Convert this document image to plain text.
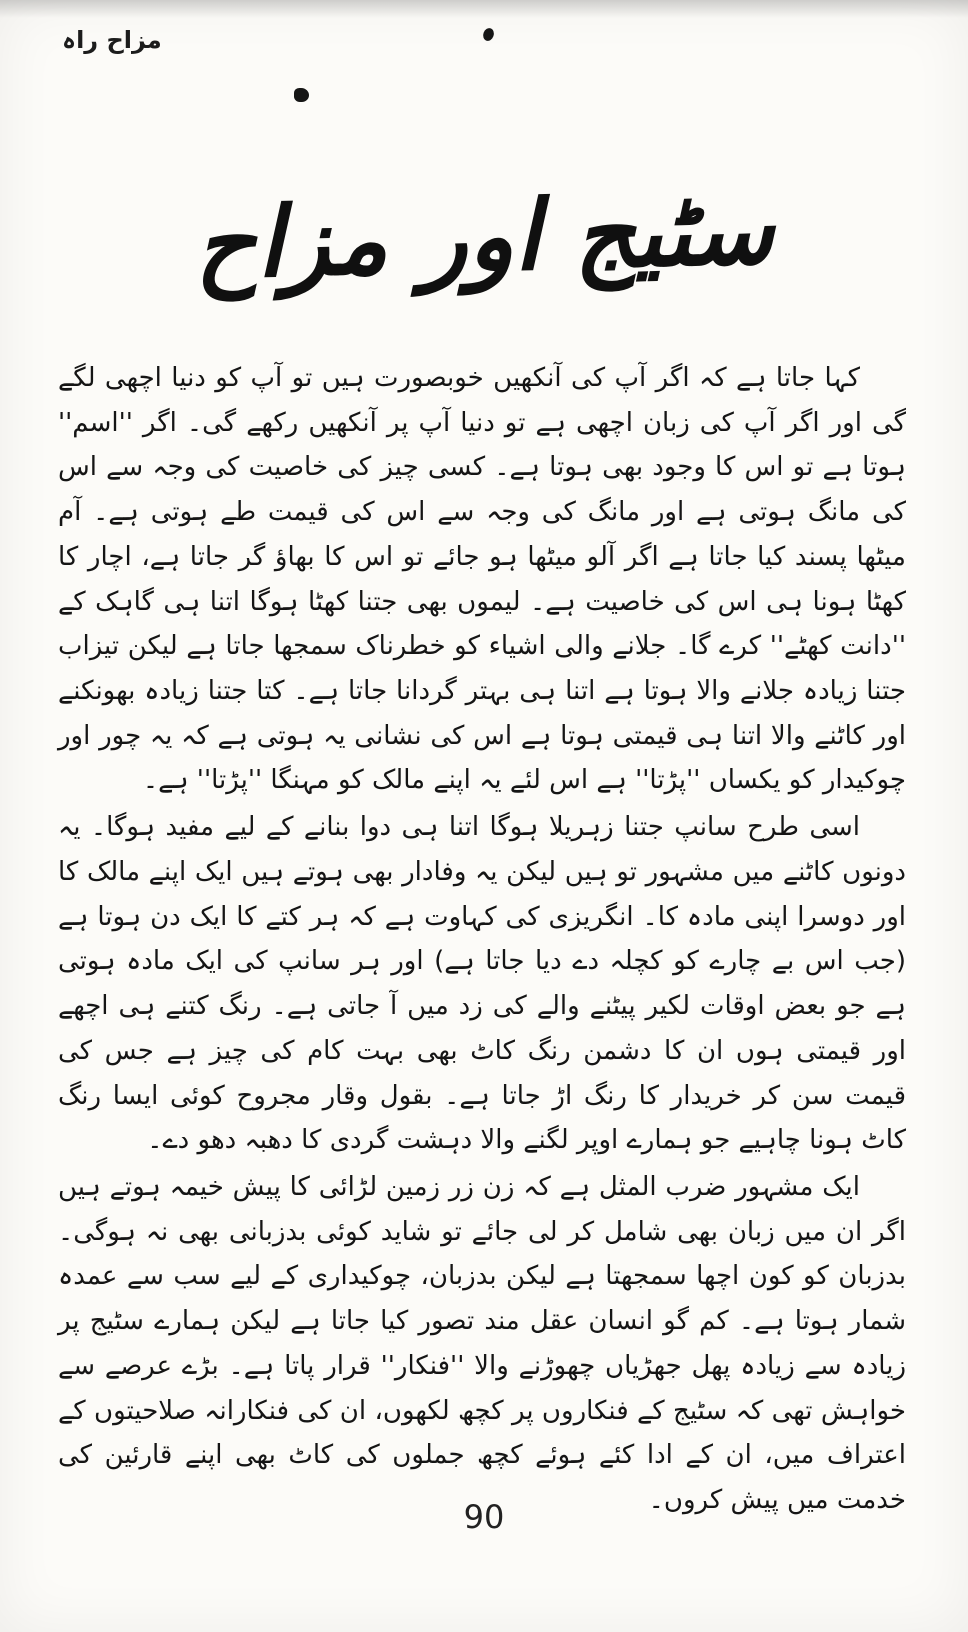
مزاح راہ
سٹیج اور مزاح

کہا جاتا ہے کہ اگر آپ کی آنکھیں خوبصورت ہیں تو آپ کو دنیا اچھی لگے گی اور اگر آپ کی زبان اچھی ہے تو دنیا آپ پر آنکھیں رکھے گی۔ اگر ''اسم'' ہوتا ہے تو اس کا وجود بھی ہوتا ہے۔ کسی چیز کی خاصیت کی وجہ سے اس کی مانگ ہوتی ہے اور مانگ کی وجہ سے اس کی قیمت طے ہوتی ہے۔ آم میٹھا پسند کیا جاتا ہے اگر آلو میٹھا ہو جائے تو اس کا بھاؤ گر جاتا ہے، اچار کا کھٹا ہونا ہی اس کی خاصیت ہے۔ لیموں بھی جتنا کھٹا ہوگا اتنا ہی گاہک کے ''دانت کھٹے'' کرے گا۔ جلانے والی اشیاء کو خطرناک سمجھا جاتا ہے لیکن تیزاب جتنا زیادہ جلانے والا ہوتا ہے اتنا ہی بہتر گردانا جاتا ہے۔ کتا جتنا زیادہ بھونکنے اور کاٹنے والا اتنا ہی قیمتی ہوتا ہے اس کی نشانی یہ ہوتی ہے کہ یہ چور اور چوکیدار کو یکساں ''پڑتا'' ہے اس لئے یہ اپنے مالک کو مہنگا ''پڑتا'' ہے۔

اسی طرح سانپ جتنا زہریلا ہوگا اتنا ہی دوا بنانے کے لیے مفید ہوگا۔ یہ دونوں کاٹنے میں مشہور تو ہیں لیکن یہ وفادار بھی ہوتے ہیں ایک اپنے مالک کا اور دوسرا اپنی مادہ کا۔ انگریزی کی کہاوت ہے کہ ہر کتے کا ایک دن ہوتا ہے (جب اس بے چارے کو کچلہ دے دیا جاتا ہے) اور ہر سانپ کی ایک مادہ ہوتی ہے جو بعض اوقات لکیر پیٹنے والے کی زد میں آ جاتی ہے۔ رنگ کتنے ہی اچھے اور قیمتی ہوں ان کا دشمن رنگ کاٹ بھی بہت کام کی چیز ہے جس کی قیمت سن کر خریدار کا رنگ اڑ جاتا ہے۔ بقول وقار مجروح کوئی ایسا رنگ کاٹ ہونا چاہیے جو ہمارے اوپر لگنے والا دہشت گردی کا دھبہ دھو دے۔

ایک مشہور ضرب المثل ہے کہ زن زر زمین لڑائی کا پیش خیمہ ہوتے ہیں اگر ان میں زبان بھی شامل کر لی جائے تو شاید کوئی بدزبانی بھی نہ ہوگی۔ بدزبان کو کون اچھا سمجھتا ہے لیکن بدزبان، چوکیداری کے لیے سب سے عمدہ شمار ہوتا ہے۔ کم گو انسان عقل مند تصور کیا جاتا ہے لیکن ہمارے سٹیج پر زیادہ سے زیادہ پھل جھڑیاں چھوڑنے والا ''فنکار'' قرار پاتا ہے۔ بڑے عرصے سے خواہش تھی کہ سٹیج کے فنکاروں پر کچھ لکھوں، ان کی فنکارانہ صلاحیتوں کے اعتراف میں، ان کے ادا کئے ہوئے کچھ جملوں کی کاٹ بھی اپنے قارئین کی خدمت میں پیش کروں۔

90
